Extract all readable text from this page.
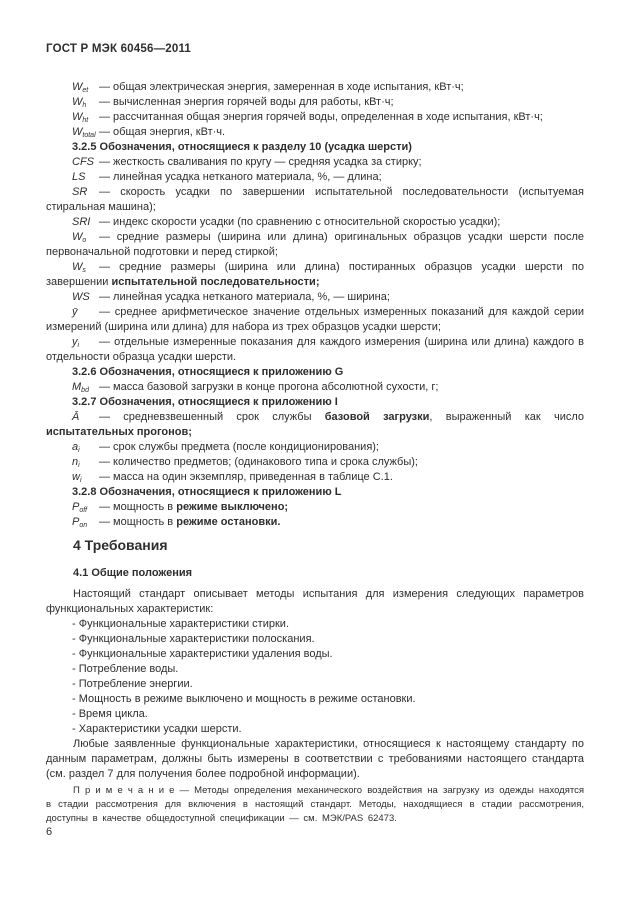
ГОСТ Р МЭК 60456—2011

$W_{et}$ — общая электрическая энергия, замеренная в ходе испытания, кВт·ч;

$W_h$ — вычисленная энергия горячей воды для работы, кВт·ч;

$W_{ht}$ — рассчитанная общая энергия горячей воды, определенная в ходе испытания, кВт·ч;

$W_{total}$ — общая энергия, кВт·ч.

3.2.5 Обозначения, относящиеся к разделу 10 (усадка шерсти)

CFS — жесткость сваливания по кругу — средняя усадка за стирку;

LS — линейная усадка нетканого материала, %, — длина;

SR — скорость усадки по завершении испытательной последовательности (испытуемая стиральная машина);

SRI — индекс скорости усадки (по сравнению с относительной скоростью усадки);

$W_o$ — средние размеры (ширина или длина) оригинальных образцов усадки шерсти после первоначальной подготовки и перед стиркой;

$W_s$ — средние размеры (ширина или длина) постиранных образцов усадки шерсти по завершении испытательной последовательности;

WS — линейная усадка нетканого материала, %, — ширина;

ȳ — среднее арифметическое значение отдельных измеренных показаний для каждой серии измерений (ширина или длина) для набора из трех образцов усадки шерсти;

$y_i$ — отдельные измеренные показания для каждого измерения (ширина или длина) каждого в отдельности образца усадки шерсти.

3.2.6 Обозначения, относящиеся к приложению G

$M_{bd}$ — масса базовой загрузки в конце прогона абсолютной сухости, г;

3.2.7 Обозначения, относящиеся к приложению I

Ā — средневзвешенный срок службы базовой загрузки, выраженный как число испытательных прогонов;

$a_i$ — срок службы предмета (после кондиционирования);

$n_i$ — количество предметов; (одинакового типа и срока службы);

$w_i$ — масса на один экземпляр, приведенная в таблице С.1.

3.2.8 Обозначения, относящиеся к приложению L

$P_{off}$ — мощность в режиме выключено;

$P_{on}$ — мощность в режиме остановки.

4 Требования

4.1 Общие положения

Настоящий стандарт описывает методы испытания для измерения следующих параметров функциональных характеристик:

- Функциональные характеристики стирки.

- Функциональные характеристики полоскания.

- Функциональные характеристики удаления воды.

- Потребление воды.

- Потребление энергии.

- Мощность в режиме выключено и мощность в режиме остановки.

- Время цикла.

- Характеристики усадки шерсти.

Любые заявленные функциональные характеристики, относящиеся к настоящему стандарту по данным параметрам, должны быть измерены в соответствии с требованиями настоящего стандарта (см. раздел 7 для получения более подробной информации).

П р и м е ч а н и е — Методы определения механического воздействия на загрузку из одежды находятся в стадии рассмотрения для включения в настоящий стандарт. Методы, находящиеся в стадии рассмотрения, доступны в качестве общедоступной спецификации — см. МЭК/PAS 62473.

6
